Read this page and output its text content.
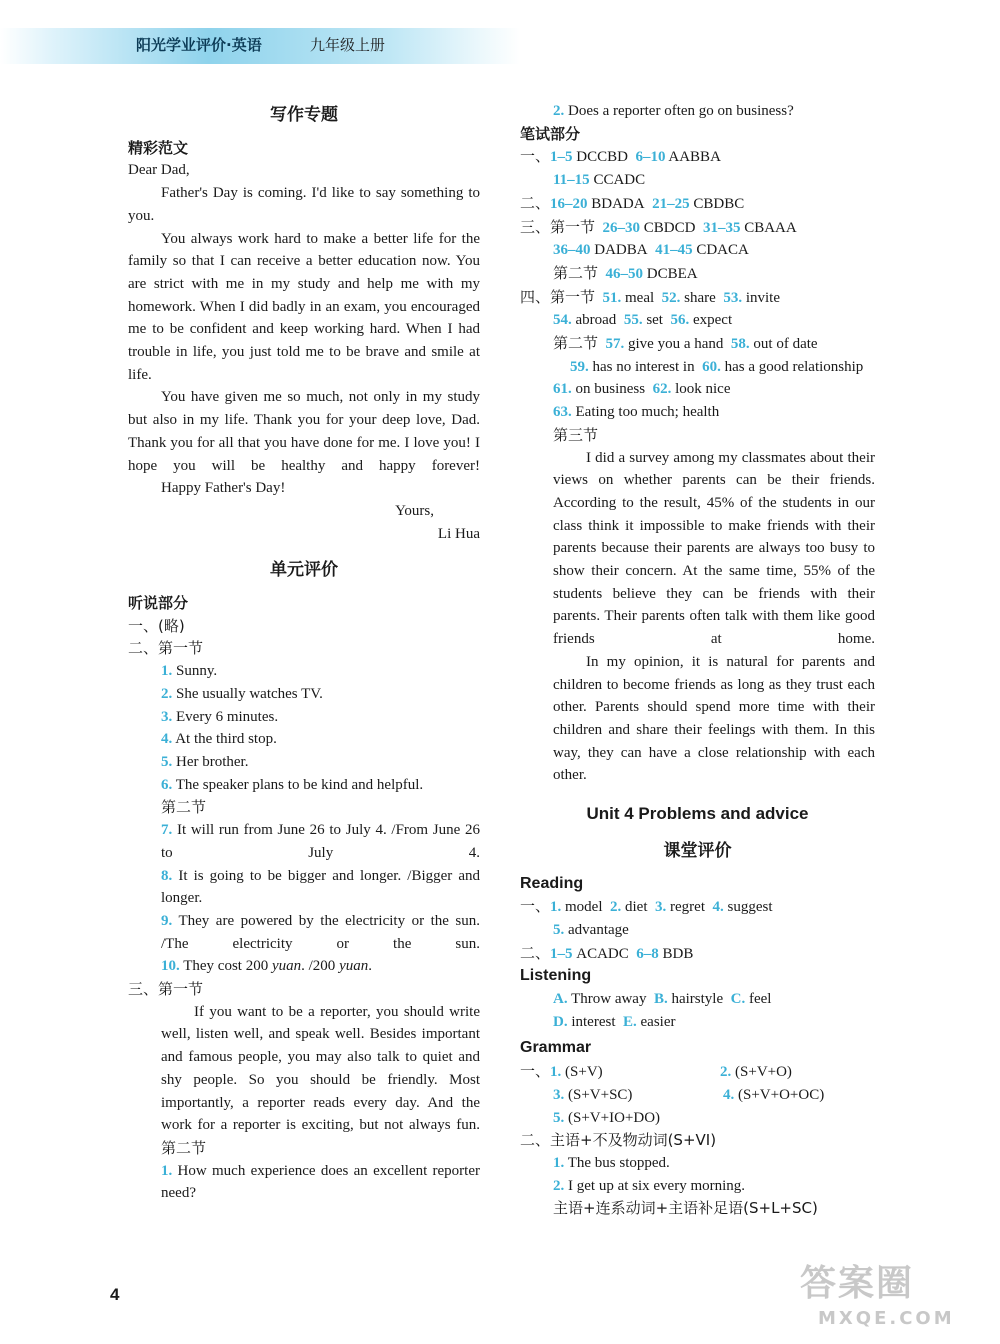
阳光学业评价·英语	九年级上册
写作专题
精彩范文
Dear Dad,
Father's Day is coming. I'd like to say something to you.
You always work hard to make a better life for the family so that I can receive a better education now. You are strict with me in my study and help me with my homework. When I did badly in an exam, you encouraged me to be confident and keep working hard. When I had trouble in life, you just told me to be brave and smile at life.
You have given me so much, not only in my study but also in my life. Thank you for your deep love, Dad. Thank you for all that you have done for me. I love you! I hope you will be healthy and happy forever!
Happy Father's Day!
Yours,
Li Hua
单元评价
听说部分
一、(略)
二、第一节
1. Sunny.
2. She usually watches TV.
3. Every 6 minutes.
4. At the third stop.
5. Her brother.
6. The speaker plans to be kind and helpful.
第二节
7. It will run from June 26 to July 4. /From June 26 to July 4.
8. It is going to be bigger and longer. /Bigger and longer.
9. They are powered by the electricity or the sun. /The electricity or the sun.
10. They cost 200 yuan. /200 yuan.
三、第一节
If you want to be a reporter, you should write well, listen well, and speak well. Besides important and famous people, you may also talk to quiet and shy people. So you should be friendly. Most importantly, a reporter reads every day. And the work for a reporter is exciting, but not always fun.
第二节
1. How much experience does an excellent reporter need?
2. Does a reporter often go on business?
笔试部分
一、1–5 DCCBD 6–10 AABBA
11–15 CCADC
二、16–20 BDADA 21–25 CBDBC
三、第一节 26–30 CBDCD 31–35 CBAAA
36–40 DADBA 41–45 CDACA
第二节 46–50 DCBEA
四、第一节 51. meal 52. share 53. invite
54. abroad 55. set 56. expect
第二节 57. give you a hand 58. out of date
59. has no interest in 60. has a good relationship
61. on business 62. look nice
63. Eating too much; health
第三节
I did a survey among my classmates about their views on whether parents can be their friends. According to the result, 45% of the students in our class think it impossible to make friends with their parents because their parents are always too busy to show their concern. At the same time, 55% of the students believe they can be friends with their parents. Their parents often talk with them like good friends at home.
In my opinion, it is natural for parents and children to become friends as long as they trust each other. Parents should spend more time with their children and share their feelings with them. In this way, they can have a close relationship with each other.
Unit 4 Problems and advice
课堂评价
Reading
一、1. model 2. diet 3. regret 4. suggest
5. advantage
二、1–5 ACADC 6–8 BDB
Listening
A. Throw away B. hairstyle C. feel
D. interest E. easier
Grammar
一、1. (S+V)	2. (S+V+O)
3. (S+V+SC)	4. (S+V+O+OC)
5. (S+V+IO+DO)
二、主语+不及物动词(S+VI)
1. The bus stopped.
2. I get up at six every morning.
主语+连系动词+主语补足语(S+L+SC)
4	答案圈
MXQE.COM
